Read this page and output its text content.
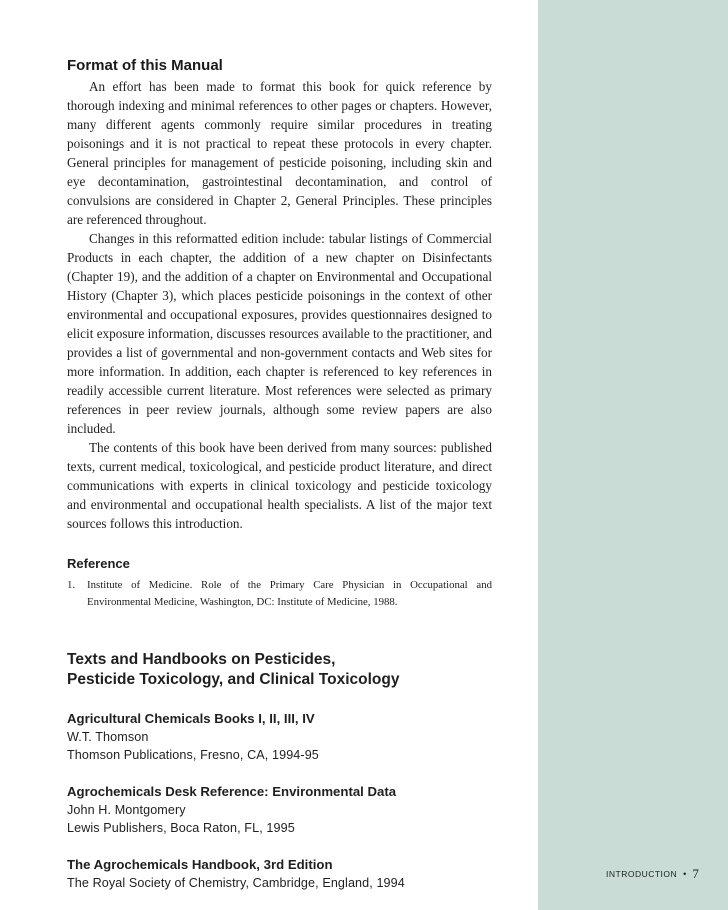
Format of this Manual

An effort has been made to format this book for quick reference by thorough indexing and minimal references to other pages or chapters. However, many different agents commonly require similar procedures in treating poisonings and it is not practical to repeat these protocols in every chapter. General principles for management of pesticide poisoning, including skin and eye decontamination, gastrointestinal decontamination, and control of convulsions are considered in Chapter 2, General Principles. These principles are referenced throughout.

Changes in this reformatted edition include: tabular listings of Commercial Products in each chapter, the addition of a new chapter on Disinfectants (Chapter 19), and the addition of a chapter on Environmental and Occupational History (Chapter 3), which places pesticide poisonings in the context of other environmental and occupational exposures, provides questionnaires designed to elicit exposure information, discusses resources available to the practitioner, and provides a list of governmental and non-government contacts and Web sites for more information. In addition, each chapter is referenced to key references in readily accessible current literature. Most references were selected as primary references in peer review journals, although some review papers are also included.

The contents of this book have been derived from many sources: published texts, current medical, toxicological, and pesticide product literature, and direct communications with experts in clinical toxicology and pesticide toxicology and environmental and occupational health specialists. A list of the major text sources follows this introduction.

Reference
1.	Institute of Medicine. Role of the Primary Care Physician in Occupational and Environmental Medicine, Washington, DC: Institute of Medicine, 1988.
Texts and Handbooks on Pesticides,
Pesticide Toxicology, and Clinical Toxicology
Agricultural Chemicals Books I, II, III, IV
W.T. Thomson
Thomson Publications, Fresno, CA, 1994-95
Agrochemicals Desk Reference: Environmental Data
John H. Montgomery
Lewis Publishers, Boca Raton, FL, 1995
The Agrochemicals Handbook, 3rd Edition
The Royal Society of Chemistry, Cambridge, England, 1994
INTRODUCTION • 7
